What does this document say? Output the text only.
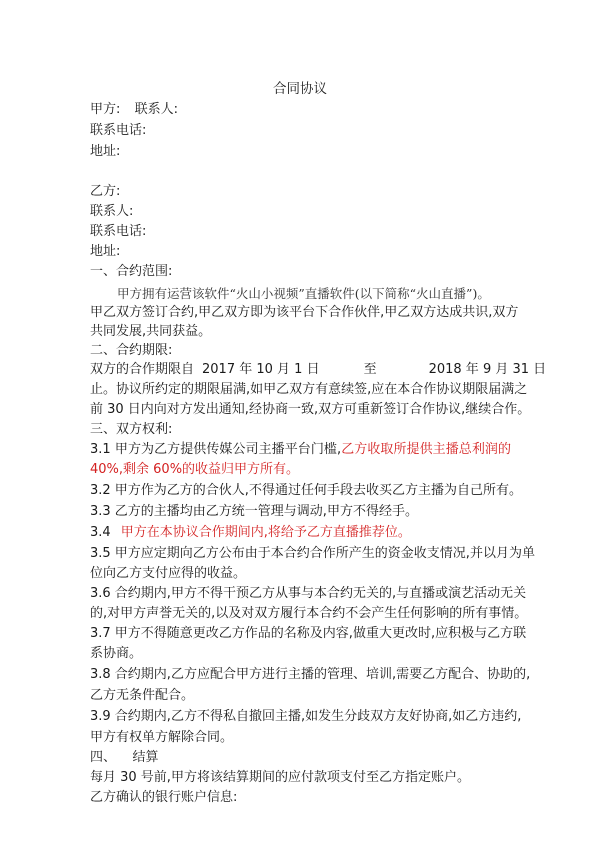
合同协议
甲方: 联系人:
联系电话:
地址:
乙方:
联系人:
联系电话:
地址:
一、合约范围:
甲方拥有运营该软件“火山小视频”直播软件(以下简称“火山直播”)。
甲乙双方签订合约,甲乙双方即为该平台下合作伙伴,甲乙双方达成共识,双方
共同发展,共同获益。
二、合约期限:
双方的合作期限自 2017 年 10 月 1 日	至	2018 年 9 月 31 日
止。协议所约定的期限届满,如甲乙双方有意续签,应在本合作协议期限届满之
前 30 日内向对方发出通知,经协商一致,双方可重新签订合作协议,继续合作。
三、双方权利:
3.1 甲方为乙方提供传媒公司主播平台门槛,乙方收取所提供主播总利润的
40%,剩余 60%的收益归甲方所有。
3.2 甲方作为乙方的合伙人,不得通过任何手段去收买乙方主播为自己所有。
3.3 乙方的主播均由乙方统一管理与调动,甲方不得经手。
3.4 甲方在本协议合作期间内,将给予乙方直播推荐位。
3.5 甲方应定期向乙方公布由于本合约合作所产生的资金收支情况,并以月为单
位向乙方支付应得的收益。
3.6 合约期内,甲方不得干预乙方从事与本合约无关的,与直播或演艺活动无关
的,对甲方声誉无关的,以及对双方履行本合约不会产生任何影响的所有事情。
3.7 甲方不得随意更改乙方作品的名称及内容,做重大更改时,应积极与乙方联
系协商。
3.8 合约期内,乙方应配合甲方进行主播的管理、培训,需要乙方配合、协助的,
乙方无条件配合。
3.9 合约期内,乙方不得私自撤回主播,如发生分歧双方友好协商,如乙方违约,
甲方有权单方解除合同。
四、    结算
每月 30 号前,甲方将该结算期间的应付款项支付至乙方指定账户。
乙方确认的银行账户信息:
